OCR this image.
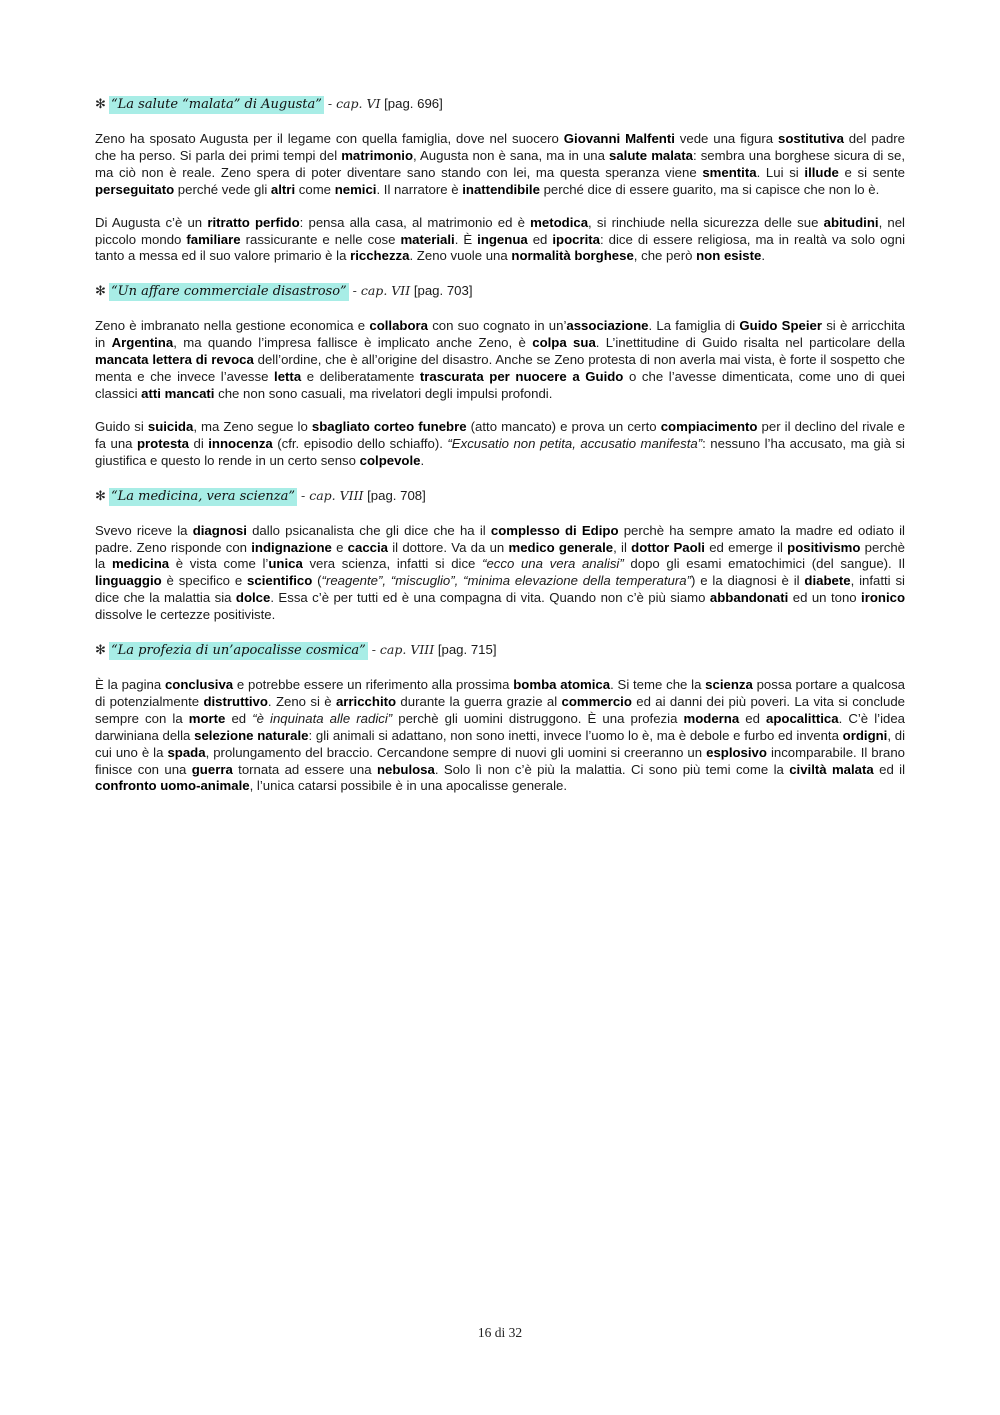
✻ “La salute “malata” di Augusta” - cap. VI [pag. 696]

Zeno ha sposato Augusta per il legame con quella famiglia, dove nel suocero Giovanni Malfenti vede una figura sostitutiva del padre che ha perso. Si parla dei primi tempi del matrimonio, Augusta non è sana, ma in una salute malata: sembra una borghese sicura di se, ma ciò non è reale. Zeno spera di poter diventare sano stando con lei, ma questa speranza viene smentita. Lui si illude e si sente perseguitato perché vede gli altri come nemici. Il narratore è inattendibile perché dice di essere guarito, ma si capisce che non lo è.

Di Augusta c’è un ritratto perfido: pensa alla casa, al matrimonio ed è metodica, si rinchiude nella sicurezza delle sue abitudini, nel piccolo mondo familiare rassicurante e nelle cose materiali. È ingenua ed ipocrita: dice di essere religiosa, ma in realtà va solo ogni tanto a messa ed il suo valore primario è la ricchezza. Zeno vuole una normalità borghese, che però non esiste.

✻ “Un affare commerciale disastroso” - cap. VII [pag. 703]

Zeno è imbranato nella gestione economica e collabora con suo cognato in un’associazione. La famiglia di Guido Speier si è arricchita in Argentina, ma quando l’impresa fallisce è implicato anche Zeno, è colpa sua. L’inettitudine di Guido risalta nel particolare della mancata lettera di revoca dell’ordine, che è all’origine del disastro. Anche se Zeno protesta di non averla mai vista, è forte il sospetto che menta e che invece l’avesse letta e deliberatamente trascurata per nuocere a Guido o che l’avesse dimenticata, come uno di quei classici atti mancati che non sono casuali, ma rivelatori degli impulsi profondi.

Guido si suicida, ma Zeno segue lo sbagliato corteo funebre (atto mancato) e prova un certo compiacimento per il declino del rivale e fa una protesta di innocenza (cfr. episodio dello schiaffo). “Excusatio non petita, accusatio manifesta”: nessuno l’ha accusato, ma già si giustifica e questo lo rende in un certo senso colpevole.

✻ “La medicina, vera scienza” - cap. VIII [pag. 708]

Svevo riceve la diagnosi dallo psicanalista che gli dice che ha il complesso di Edipo perchè ha sempre amato la madre ed odiato il padre. Zeno risponde con indignazione e caccia il dottore. Va da un medico generale, il dottor Paoli ed emerge il positivismo perchè la medicina è vista come l’unica vera scienza, infatti si dice “ecco una vera analisi” dopo gli esami ematochimici (del sangue). Il linguaggio è specifico e scientifico (“reagente”, “miscuglio”, “minima elevazione della temperatura”) e la diagnosi è il diabete, infatti si dice che la malattia sia dolce. Essa c’è per tutti ed è una compagna di vita. Quando non c’è più siamo abbandonati ed un tono ironico dissolve le certezze positiviste.

✻ “La profezia di un’apocalisse cosmica” - cap. VIII [pag. 715]

È la pagina conclusiva e potrebbe essere un riferimento alla prossima bomba atomica. Si teme che la scienza possa portare a qualcosa di potenzialmente distruttivo. Zeno si è arricchito durante la guerra grazie al commercio ed ai danni dei più poveri. La vita si conclude sempre con la morte ed “è inquinata alle radici” perchè gli uomini distruggono. È una profezia moderna ed apocalittica. C’è l’idea darwiniana della selezione naturale: gli animali si adattano, non sono inetti, invece l’uomo lo è, ma è debole e furbo ed inventa ordigni, di cui uno è la spada, prolungamento del braccio. Cercandone sempre di nuovi gli uomini si creeranno un esplosivo incomparabile. Il brano finisce con una guerra tornata ad essere una nebulosa. Solo lì non c’è più la malattia. Ci sono più temi come la civiltà malata ed il confronto uomo-animale, l’unica catarsi possibile è in una apocalisse generale.

16 di 32
